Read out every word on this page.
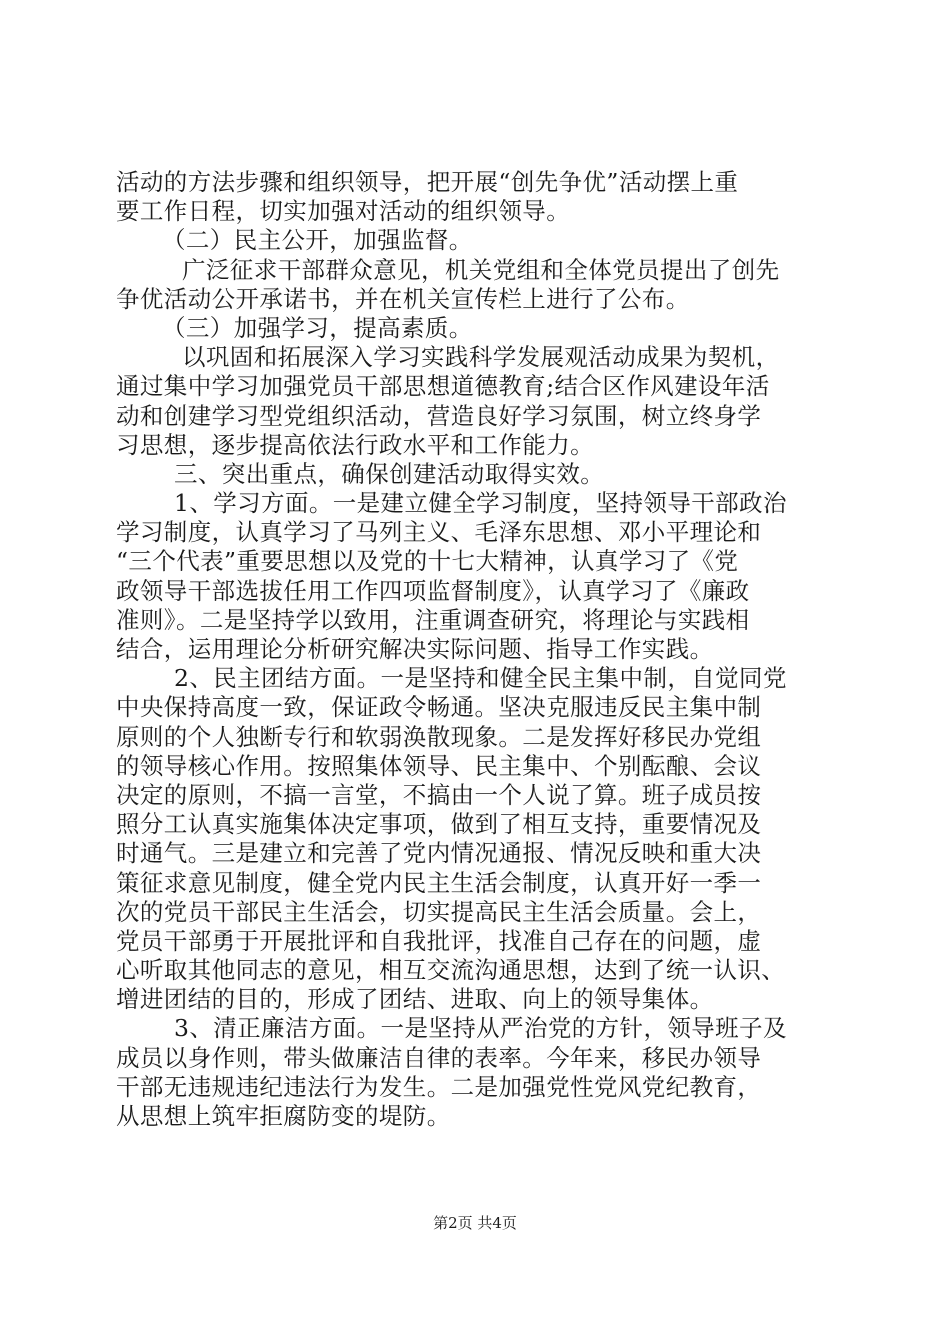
活动的方法步骤和组织领导，把开展“创先争优”活动摆上重
要工作日程，切实加强对活动的组织领导。
（二）民主公开，加强监督。
广泛征求干部群众意见，机关党组和全体党员提出了创先
争优活动公开承诺书，并在机关宣传栏上进行了公布。
（三）加强学习，提高素质。
以巩固和拓展深入学习实践科学发展观活动成果为契机，
通过集中学习加强党员干部思想道德教育;结合区作风建设年活
动和创建学习型党组织活动，营造良好学习氛围，树立终身学
习思想，逐步提高依法行政水平和工作能力。
三、突出重点，确保创建活动取得实效。
1、学习方面。一是建立健全学习制度，坚持领导干部政治
学习制度，认真学习了马列主义、毛泽东思想、邓小平理论和
“三个代表”重要思想以及党的十七大精神，认真学习了《党
政领导干部选拔任用工作四项监督制度》，认真学习了《廉政
准则》。二是坚持学以致用，注重调查研究，将理论与实践相
结合，运用理论分析研究解决实际问题、指导工作实践。
2、民主团结方面。一是坚持和健全民主集中制，自觉同党
中央保持高度一致，保证政令畅通。坚决克服违反民主集中制
原则的个人独断专行和软弱涣散现象。二是发挥好移民办党组
的领导核心作用。按照集体领导、民主集中、个别酝酿、会议
决定的原则，不搞一言堂，不搞由一个人说了算。班子成员按
照分工认真实施集体决定事项，做到了相互支持，重要情况及
时通气。三是建立和完善了党内情况通报、情况反映和重大决
策征求意见制度，健全党内民主生活会制度，认真开好一季一
次的党员干部民主生活会，切实提高民主生活会质量。会上，
党员干部勇于开展批评和自我批评，找准自己存在的问题，虚
心听取其他同志的意见，相互交流沟通思想，达到了统一认识、
增进团结的目的，形成了团结、进取、向上的领导集体。
3、清正廉洁方面。一是坚持从严治党的方针，领导班子及
成员以身作则，带头做廉洁自律的表率。今年来，移民办领导
干部无违规违纪违法行为发生。二是加强党性党风党纪教育，
从思想上筑牢拒腐防变的堤防。
第2页 共4页
